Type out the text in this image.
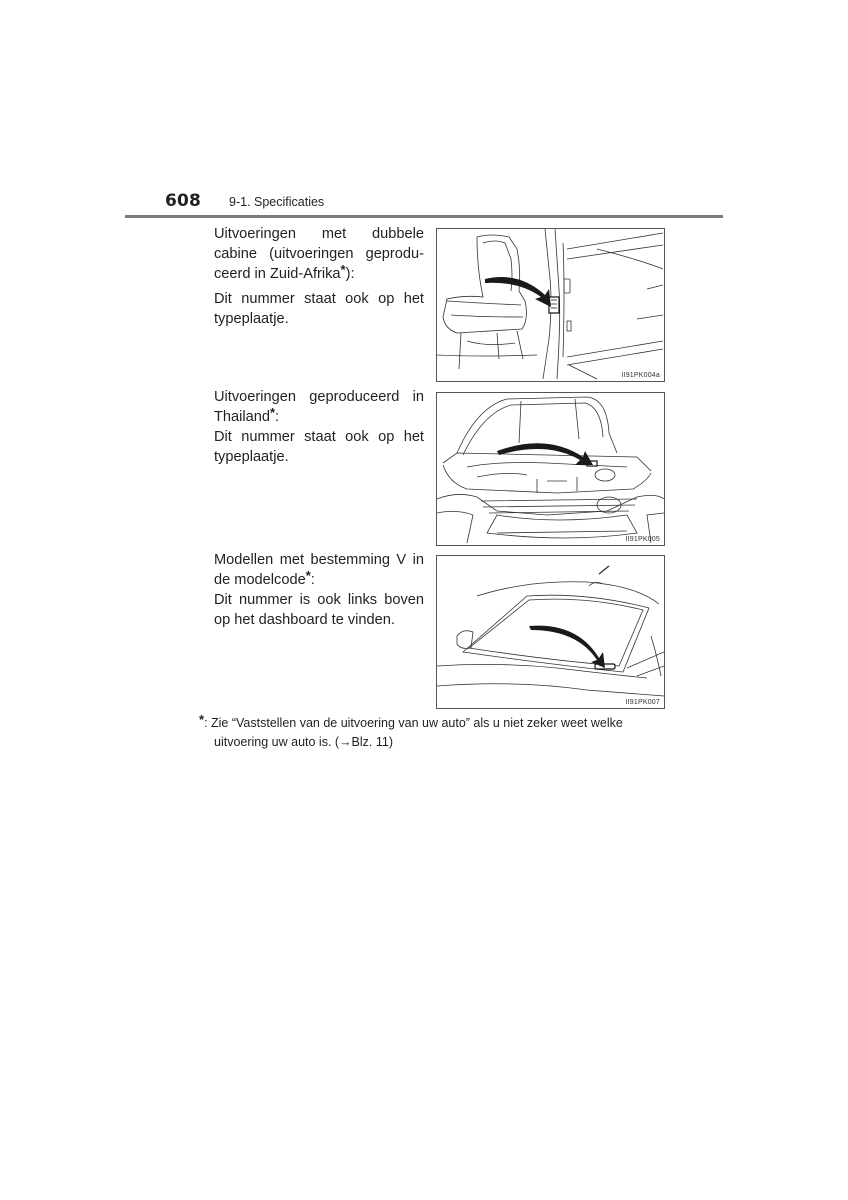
608 9-1. Specificaties

Uitvoeringen met dubbele
cabine (uitvoeringen geprodu-
ceerd in Zuid-Afrika*):

Dit nummer staat ook op het
typeplaatje.

II91PK004a

Uitvoeringen geproduceerd in
Thailand*:

Dit nummer staat ook op het
typeplaatje.

II91PK005

Modellen met bestemming V in
de modelcode*:

Dit nummer is ook links boven
op het dashboard te vinden.

II91PK007
*: Zie “Vaststellen van de uitvoering van uw auto” als u niet zeker weet welke
uitvoering uw auto is. (→Blz. 11)
